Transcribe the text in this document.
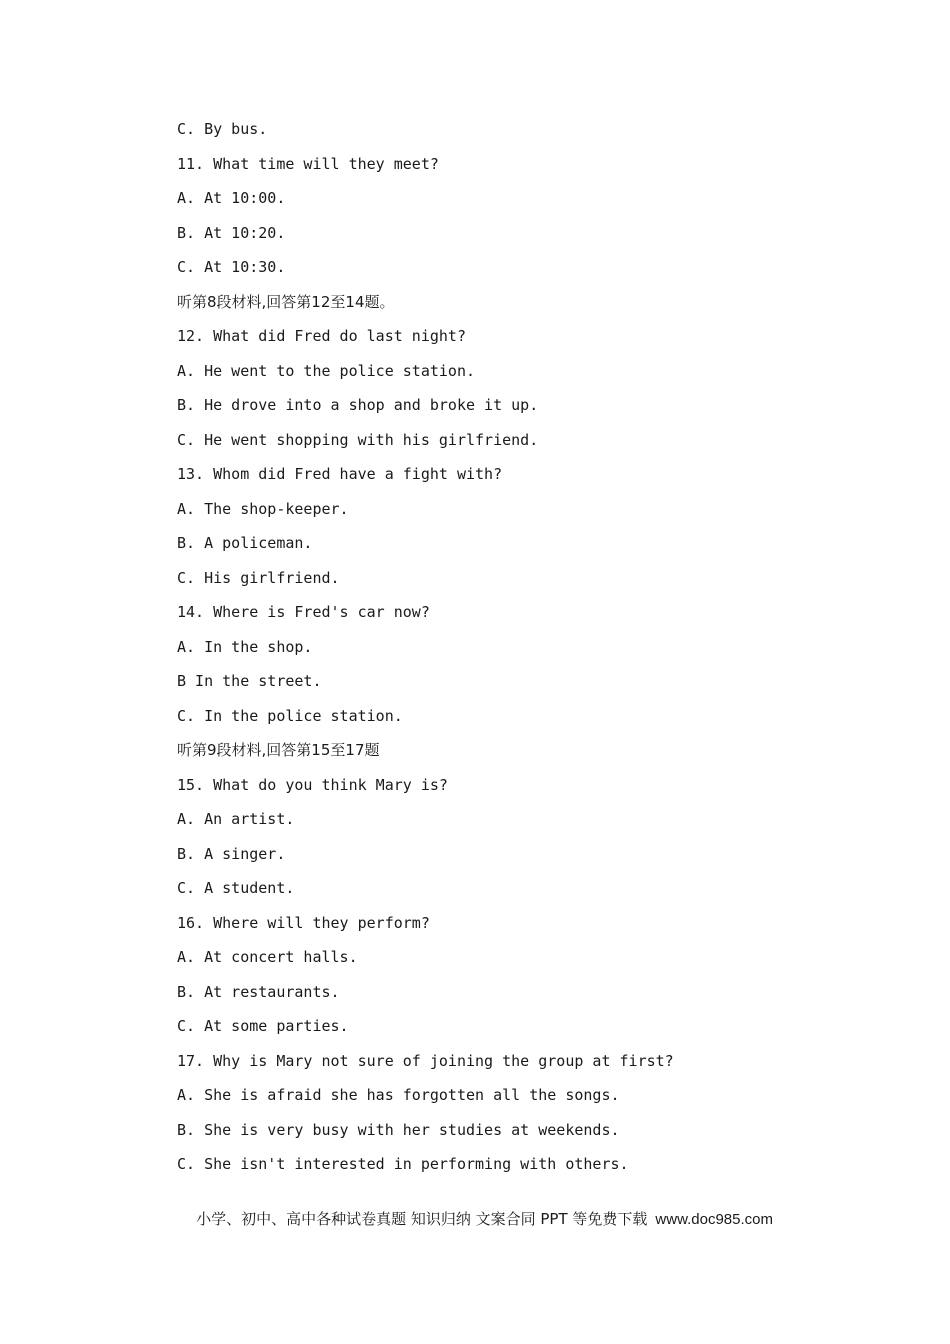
C. By bus.
11. What time will they meet?
A. At 10:00.
B. At 10:20.
C. At 10:30.
听第8段材料,回答第12至14题。
12. What did Fred do last night?
A. He went to the police station.
B. He drove into a shop and broke it up.
C. He went shopping with his girlfriend.
13. Whom did Fred have a fight with?
A. The shop-keeper.
B. A policeman.
C. His girlfriend.
14. Where is Fred's car now?
A. In the shop.
B In the street.
C. In the police station.
听第9段材料,回答第15至17题
15. What do you think Mary is?
A. An artist.
B. A singer.
C. A student.
16. Where will they perform?
A. At concert halls.
B. At restaurants.
C. At some parties.
17. Why is Mary not sure of joining the group at first?
A. She is afraid she has forgotten all the songs.
B. She is very busy with her studies at weekends.
C. She isn't interested in performing with others.

小学、初中、高中各种试卷真题 知识归纳 文案合同 PPT 等免费下载 www.doc985.com
